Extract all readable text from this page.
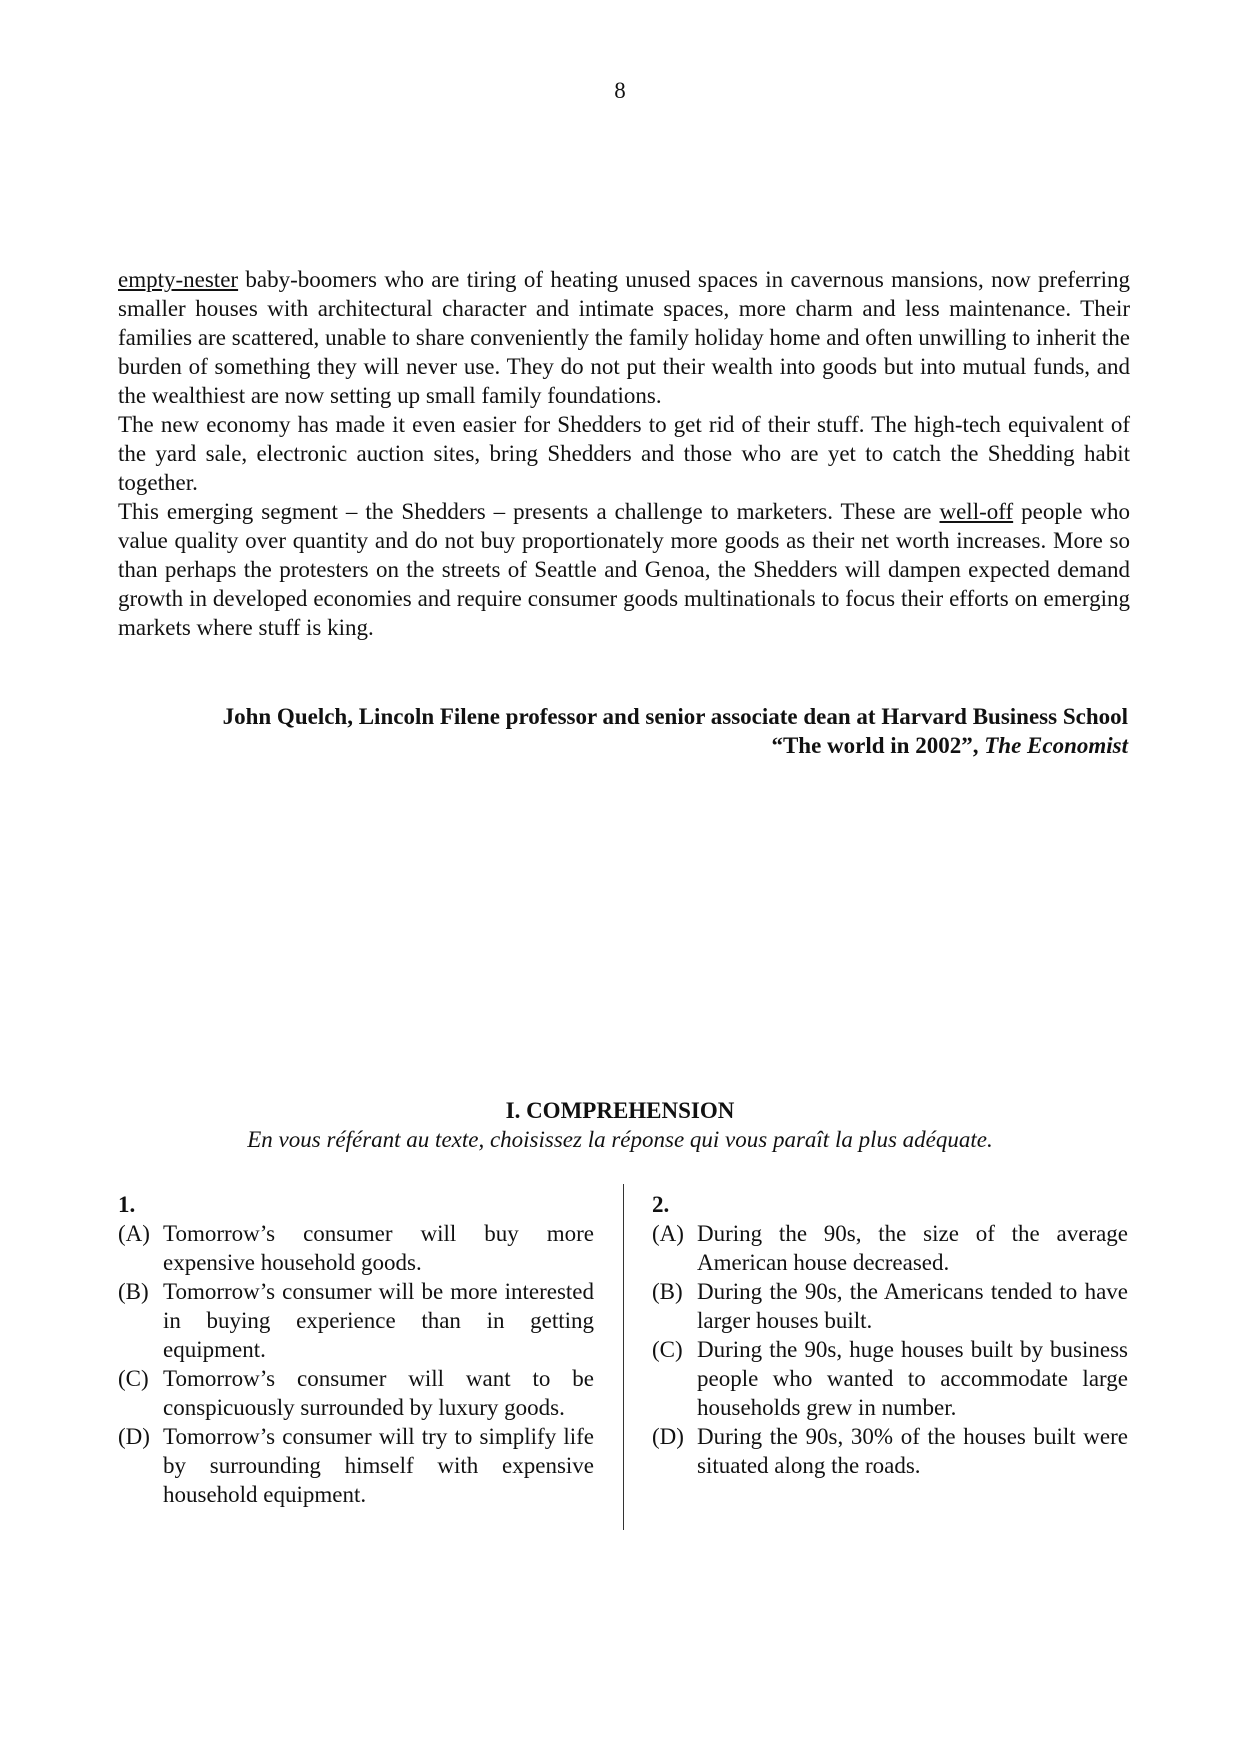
8

empty-nester baby-boomers who are tiring of heating unused spaces in cavernous mansions, now preferring smaller houses with architectural character and intimate spaces, more charm and less maintenance. Their families are scattered, unable to share conveniently the family holiday home and often unwilling to inherit the burden of something they will never use. They do not put their wealth into goods but into mutual funds, and the wealthiest are now setting up small family foundations.

The new economy has made it even easier for Shedders to get rid of their stuff. The high-tech equivalent of the yard sale, electronic auction sites, bring Shedders and those who are yet to catch the Shedding habit together.

This emerging segment – the Shedders – presents a challenge to marketers. These are well-off people who value quality over quantity and do not buy proportionately more goods as their net worth increases. More so than perhaps the protesters on the streets of Seattle and Genoa, the Shedders will dampen expected demand growth in developed economies and require consumer goods multinationals to focus their efforts on emerging markets where stuff is king.

John Quelch, Lincoln Filene professor and senior associate dean at Harvard Business School
“The world in 2002”, The Economist
I. COMPREHENSION
En vous référant au texte, choisissez la réponse qui vous paraît la plus adéquate.
1.
(A) Tomorrow’s consumer will buy more expensive household goods.
(B) Tomorrow’s consumer will be more interested in buying experience than in getting equipment.
(C) Tomorrow’s consumer will want to be conspicuously surrounded by luxury goods.
(D) Tomorrow’s consumer will try to simplify life by surrounding himself with expensive household equipment.
2.
(A) During the 90s, the size of the average American house decreased.
(B) During the 90s, the Americans tended to have larger houses built.
(C) During the 90s, huge houses built by business people who wanted to accommodate large households grew in number.
(D) During the 90s, 30% of the houses built were situated along the roads.
